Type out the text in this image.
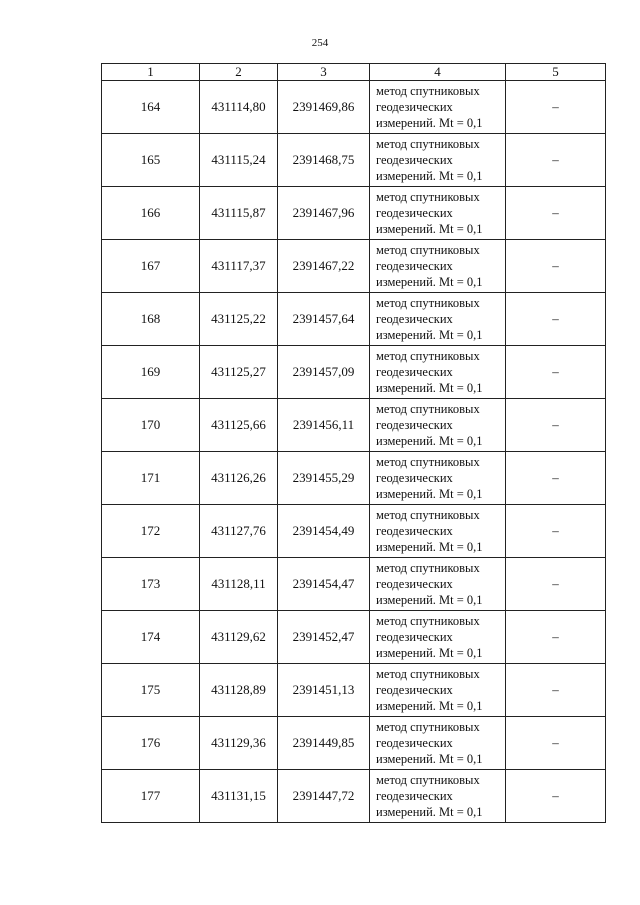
254
1	2	3	4	5
164	431114,80	2391469,86	метод спутниковых
геодезических
измерений. Mt = 0,1	–
165	431115,24	2391468,75	метод спутниковых
геодезических
измерений. Mt = 0,1	–
166	431115,87	2391467,96	метод спутниковых
геодезических
измерений. Mt = 0,1	–
167	431117,37	2391467,22	метод спутниковых
геодезических
измерений. Mt = 0,1	–
168	431125,22	2391457,64	метод спутниковых
геодезических
измерений. Mt = 0,1	–
169	431125,27	2391457,09	метод спутниковых
геодезических
измерений. Mt = 0,1	–
170	431125,66	2391456,11	метод спутниковых
геодезических
измерений. Mt = 0,1	–
171	431126,26	2391455,29	метод спутниковых
геодезических
измерений. Mt = 0,1	–
172	431127,76	2391454,49	метод спутниковых
геодезических
измерений. Mt = 0,1	–
173	431128,11	2391454,47	метод спутниковых
геодезических
измерений. Mt = 0,1	–
174	431129,62	2391452,47	метод спутниковых
геодезических
измерений. Mt = 0,1	–
175	431128,89	2391451,13	метод спутниковых
геодезических
измерений. Mt = 0,1	–
176	431129,36	2391449,85	метод спутниковых
геодезических
измерений. Mt = 0,1	–
177	431131,15	2391447,72	метод спутниковых
геодезических
измерений. Mt = 0,1	–
